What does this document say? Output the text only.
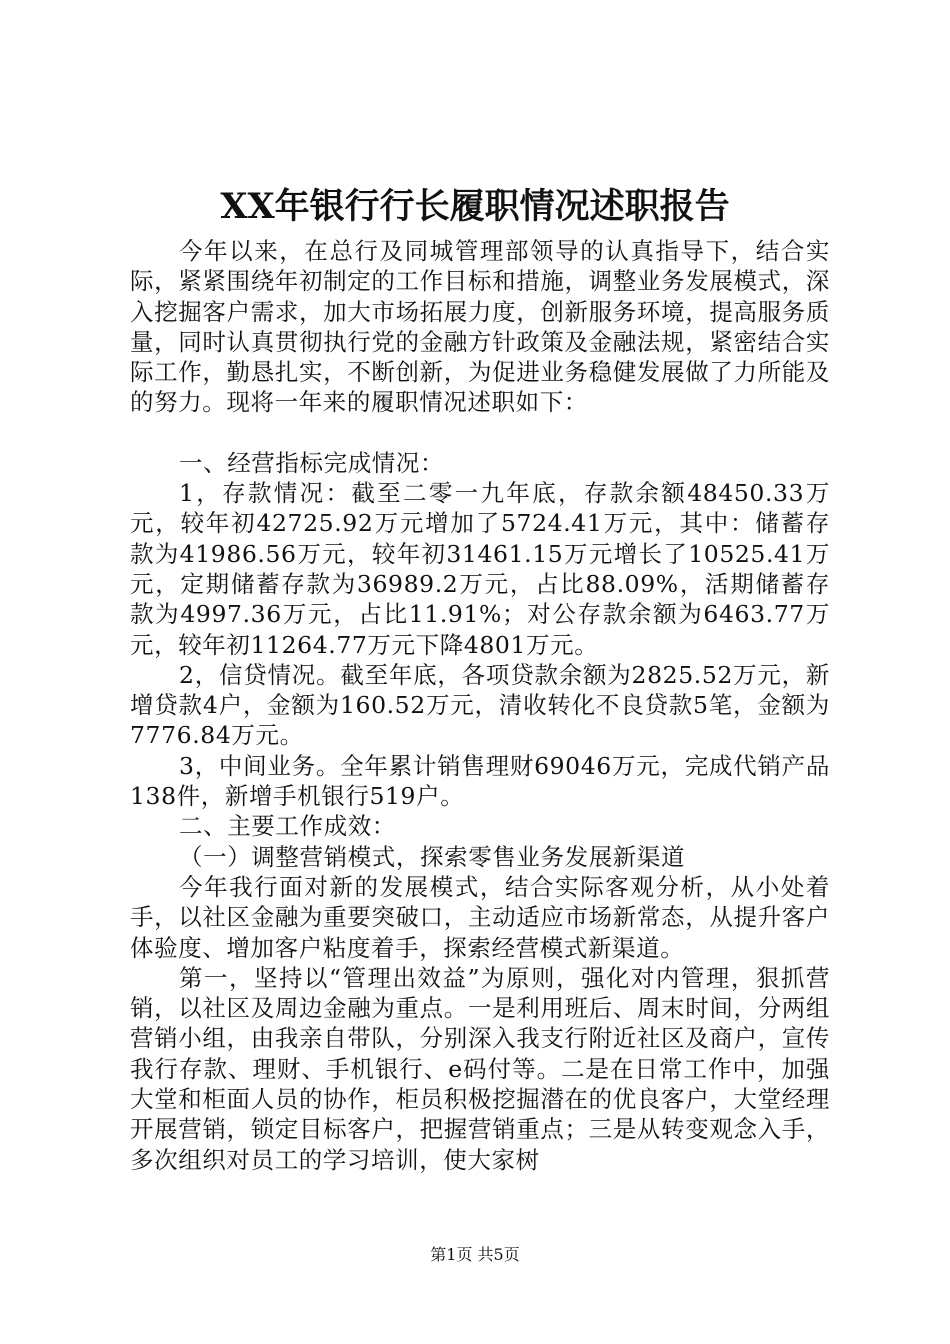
XX年银行行长履职情况述职报告

今年以来，在总行及同城管理部领导的认真指导下，结合实际，紧紧围绕年初制定的工作目标和措施，调整业务发展模式，深入挖掘客户需求，加大市场拓展力度，创新服务环境，提高服务质量，同时认真贯彻执行党的金融方针政策及金融法规，紧密结合实际工作，勤恳扎实，不断创新，为促进业务稳健发展做了力所能及的努力。现将一年来的履职情况述职如下：

一、经营指标完成情况：

1，存款情况：截至二零一九年底，存款余额48450.33万元，较年初42725.92万元增加了5724.41万元，其中：储蓄存款为41986.56万元，较年初31461.15万元增长了10525.41万元，定期储蓄存款为36989.2万元，占比88.09%，活期储蓄存款为4997.36万元，占比11.91%；对公存款余额为6463.77万元，较年初11264.77万元下降4801万元。

2，信贷情况。截至年底，各项贷款余额为2825.52万元，新增贷款4户，金额为160.52万元，清收转化不良贷款5笔，金额为7776.84万元。

3，中间业务。全年累计销售理财69046万元，完成代销产品138件，新增手机银行519户。

二、主要工作成效：

（一）调整营销模式，探索零售业务发展新渠道

今年我行面对新的发展模式，结合实际客观分析，从小处着手，以社区金融为重要突破口，主动适应市场新常态，从提升客户体验度、增加客户粘度着手，探索经营模式新渠道。

第一，坚持以“管理出效益”为原则，强化对内管理，狠抓营销，以社区及周边金融为重点。一是利用班后、周末时间，分两组营销小组，由我亲自带队，分别深入我支行附近社区及商户，宣传我行存款、理财、手机银行、e码付等。二是在日常工作中，加强大堂和柜面人员的协作，柜员积极挖掘潜在的优良客户，大堂经理开展营销，锁定目标客户，把握营销重点；三是从转变观念入手，多次组织对员工的学习培训，使大家树

第1页 共5页
